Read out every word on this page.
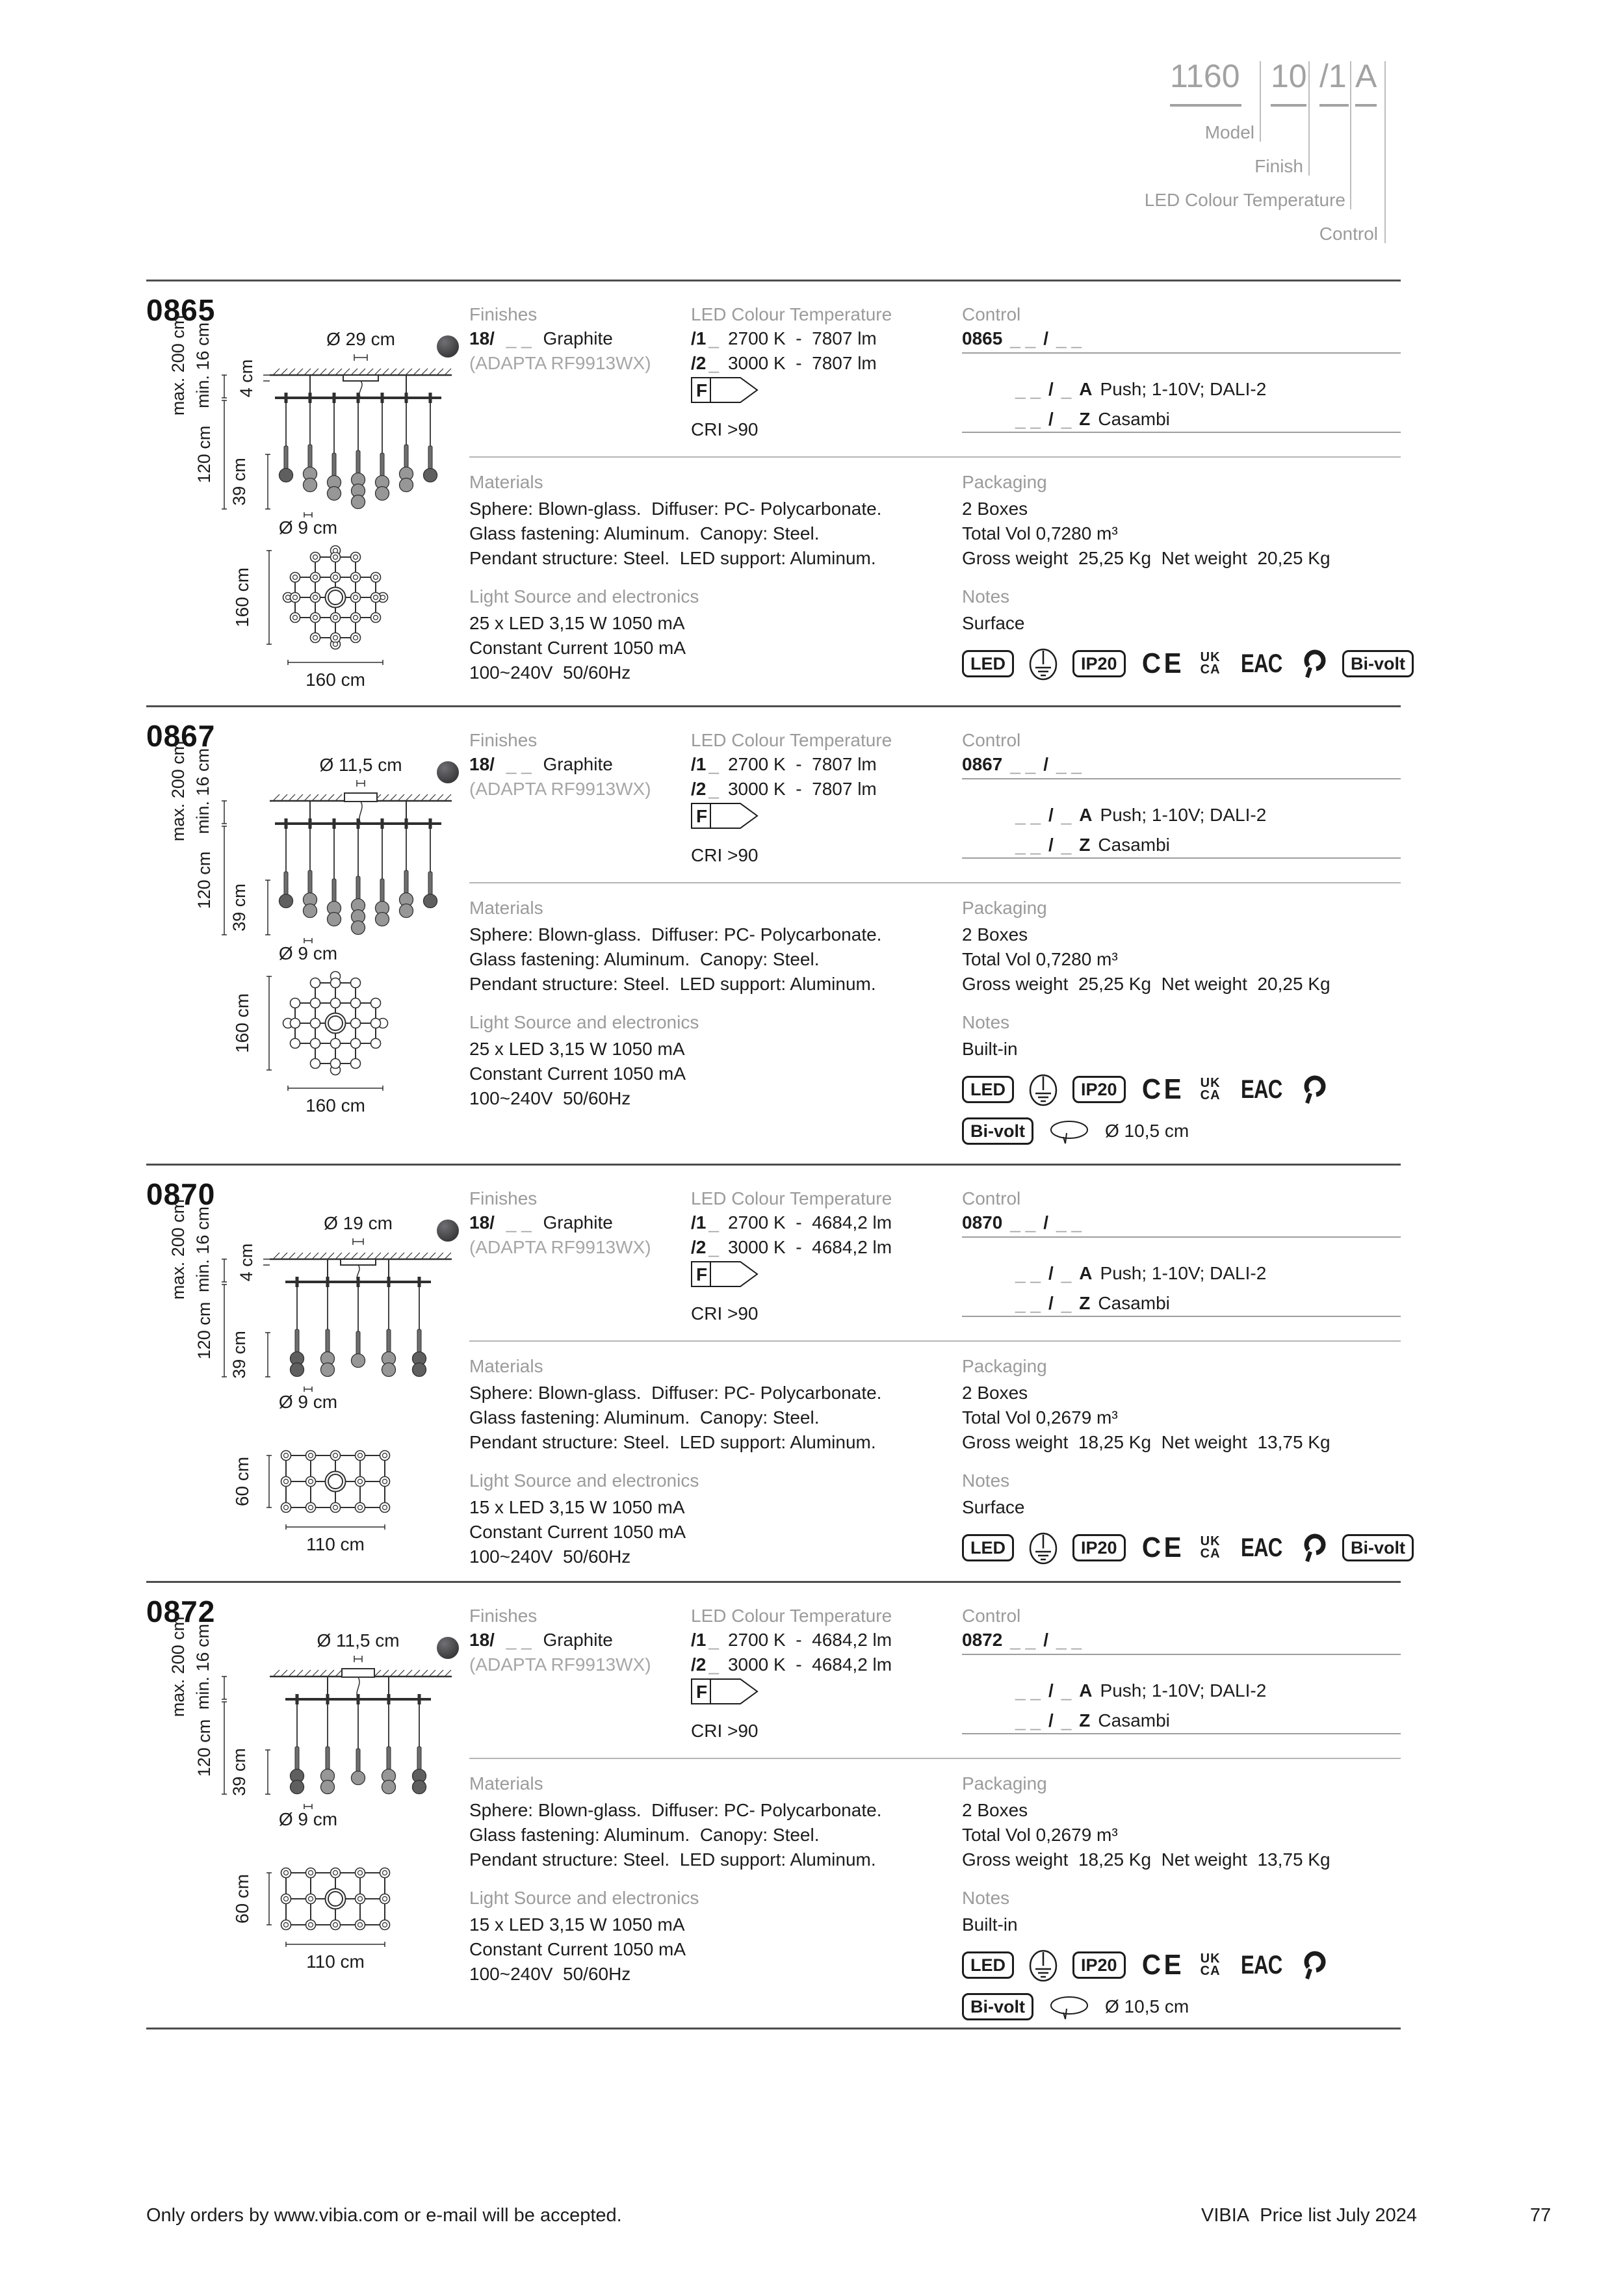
1160 10 /1 A
Model
Finish
LED Colour Temperature
Control
0865
Ø 29 cm
max. 200 cm min. 16 cm
120 cm
4 cm
39 cm
Ø 9 cm
160 cm
160 cm
Finishes	LED Colour Temperature	Control
18/ _ _ Graphite
(ADAPTA RF9913WX)
/1 _ 2700 K  -  7807 lm
/2 _ 3000 K  -  7807 lm
F
CRI >90
0865 _ _ / _ _
_ _ / _ A Push; 1-10V; DALI-2
_ _ / _ Z Casambi
Materials
Sphere: Blown-glass.  Diffuser: PC- Polycarbonate.
Glass fastening: Aluminum.  Canopy: Steel.
Pendant structure: Steel.  LED support: Aluminum.
Light Source and electronics
25 x LED 3,15 W 1050 mA
Constant Current 1050 mA
100~240V  50/60Hz
Packaging
2 Boxes
Total Vol 0,7280 m³
Gross weight  25,25 Kg  Net weight  20,25 Kg
Notes
Surface
LED	IP20 CE UK
CA EAC	Bi-volt
0867
Ø 11,5 cm
max. 200 cm min. 16 cm
120 cm 39 cm
Ø 9 cm
160 cm
160 cm
Finishes	LED Colour Temperature	Control
18/ _ _ Graphite
(ADAPTA RF9913WX)
/1 _ 2700 K  -  7807 lm
/2 _ 3000 K  -  7807 lm
F
CRI >90
0867 _ _ / _ _
_ _ / _ A Push; 1-10V; DALI-2
_ _ / _ Z Casambi
Materials
Sphere: Blown-glass.  Diffuser: PC- Polycarbonate.
Glass fastening: Aluminum.  Canopy: Steel.
Pendant structure: Steel.  LED support: Aluminum.
Light Source and electronics
25 x LED 3,15 W 1050 mA
Constant Current 1050 mA
100~240V  50/60Hz
Packaging
2 Boxes
Total Vol 0,7280 m³
Gross weight  25,25 Kg  Net weight  20,25 Kg
Notes
Built-in
LED	IP20 CE UK
CA EAC
Bi-volt	Ø 10,5 cm
0870
Ø 19 cm
max. 200 cm min. 16 cm
120 cm
4 cm
39 cm
Ø 9 cm
60 cm
110 cm
Finishes	LED Colour Temperature	Control
18/ _ _ Graphite
(ADAPTA RF9913WX)
/1 _ 2700 K  -  4684,2 lm
/2 _ 3000 K  -  4684,2 lm
F
CRI >90
0870 _ _ / _ _
_ _ / _ A Push; 1-10V; DALI-2
_ _ / _ Z Casambi
Materials
Sphere: Blown-glass.  Diffuser: PC- Polycarbonate.
Glass fastening: Aluminum.  Canopy: Steel.
Pendant structure: Steel.  LED support: Aluminum.
Light Source and electronics
15 x LED 3,15 W 1050 mA
Constant Current 1050 mA
100~240V  50/60Hz
Packaging
2 Boxes
Total Vol 0,2679 m³
Gross weight  18,25 Kg  Net weight  13,75 Kg
Notes
Surface
LED	IP20 CE UK
CA EAC	Bi-volt
0872
Ø 11,5 cm
max. 200 cm min. 16 cm
120 cm 39 cm
Ø 9 cm
60 cm
110 cm
Finishes	LED Colour Temperature	Control
18/ _ _ Graphite
(ADAPTA RF9913WX)
/1 _ 2700 K  -  4684,2 lm
/2 _ 3000 K  -  4684,2 lm
F
CRI >90
0872 _ _ / _ _
_ _ / _ A Push; 1-10V; DALI-2
_ _ / _ Z Casambi
Materials
Sphere: Blown-glass.  Diffuser: PC- Polycarbonate.
Glass fastening: Aluminum.  Canopy: Steel.
Pendant structure: Steel.  LED support: Aluminum.
Light Source and electronics
15 x LED 3,15 W 1050 mA
Constant Current 1050 mA
100~240V  50/60Hz
Packaging
2 Boxes
Total Vol 0,2679 m³
Gross weight  18,25 Kg  Net weight  13,75 Kg
Notes
Built-in
LED	IP20 CE UK
CA EAC
Bi-volt	Ø 10,5 cm
Only orders by www.vibia.com or e-mail will be accepted.	VIBIA  Price list July 2024	77
